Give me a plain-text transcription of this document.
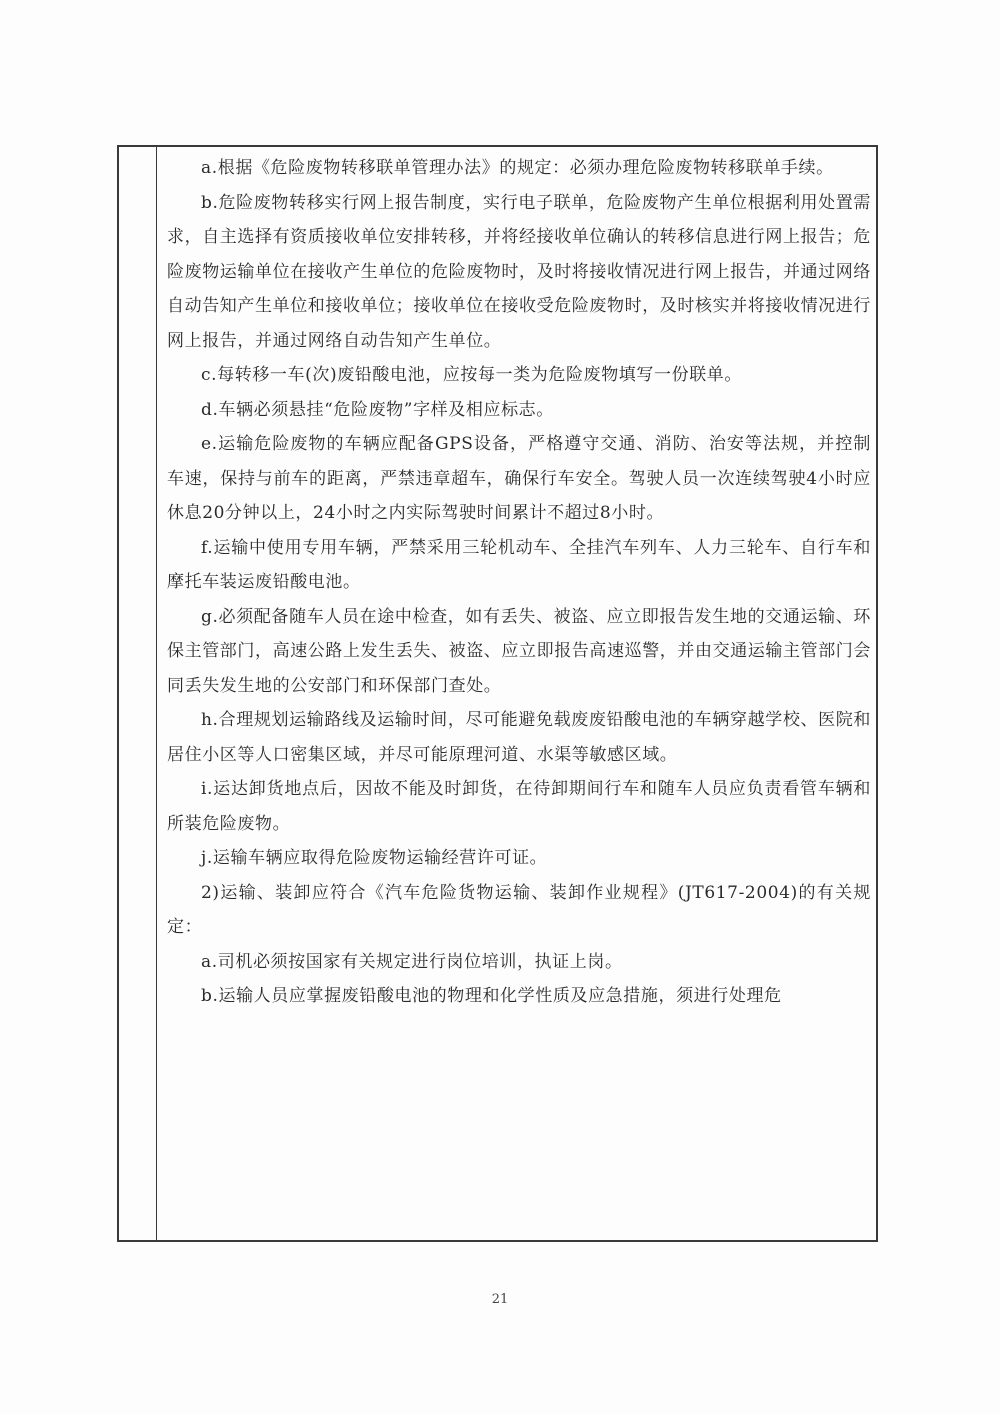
a.根据《危险废物转移联单管理办法》的规定：必须办理危险废物转移联单手续。

b.危险废物转移实行网上报告制度，实行电子联单，危险废物产生单位根据利用处置需求，自主选择有资质接收单位安排转移，并将经接收单位确认的转移信息进行网上报告；危险废物运输单位在接收产生单位的危险废物时，及时将接收情况进行网上报告，并通过网络自动告知产生单位和接收单位；接收单位在接收受危险废物时，及时核实并将接收情况进行网上报告，并通过网络自动告知产生单位。

c.每转移一车(次)废铅酸电池，应按每一类为危险废物填写一份联单。

d.车辆必须悬挂“危险废物”字样及相应标志。

e.运输危险废物的车辆应配备GPS设备，严格遵守交通、消防、治安等法规，并控制车速，保持与前车的距离，严禁违章超车，确保行车安全。驾驶人员一次连续驾驶4小时应休息20分钟以上，24小时之内实际驾驶时间累计不超过8小时。

f.运输中使用专用车辆，严禁采用三轮机动车、全挂汽车列车、人力三轮车、自行车和摩托车装运废铅酸电池。

g.必须配备随车人员在途中检查，如有丢失、被盗、应立即报告发生地的交通运输、环保主管部门，高速公路上发生丢失、被盗、应立即报告高速巡警，并由交通运输主管部门会同丢失发生地的公安部门和环保部门查处。

h.合理规划运输路线及运输时间，尽可能避免载废废铅酸电池的车辆穿越学校、医院和居住小区等人口密集区域，并尽可能原理河道、水渠等敏感区域。

i.运达卸货地点后，因故不能及时卸货，在待卸期间行车和随车人员应负责看管车辆和所装危险废物。

j.运输车辆应取得危险废物运输经营许可证。

2)运输、装卸应符合《汽车危险货物运输、装卸作业规程》(JT617-2004)的有关规定：

a.司机必须按国家有关规定进行岗位培训，执证上岗。

b.运输人员应掌握废铅酸电池的物理和化学性质及应急措施，须进行处理危

21
